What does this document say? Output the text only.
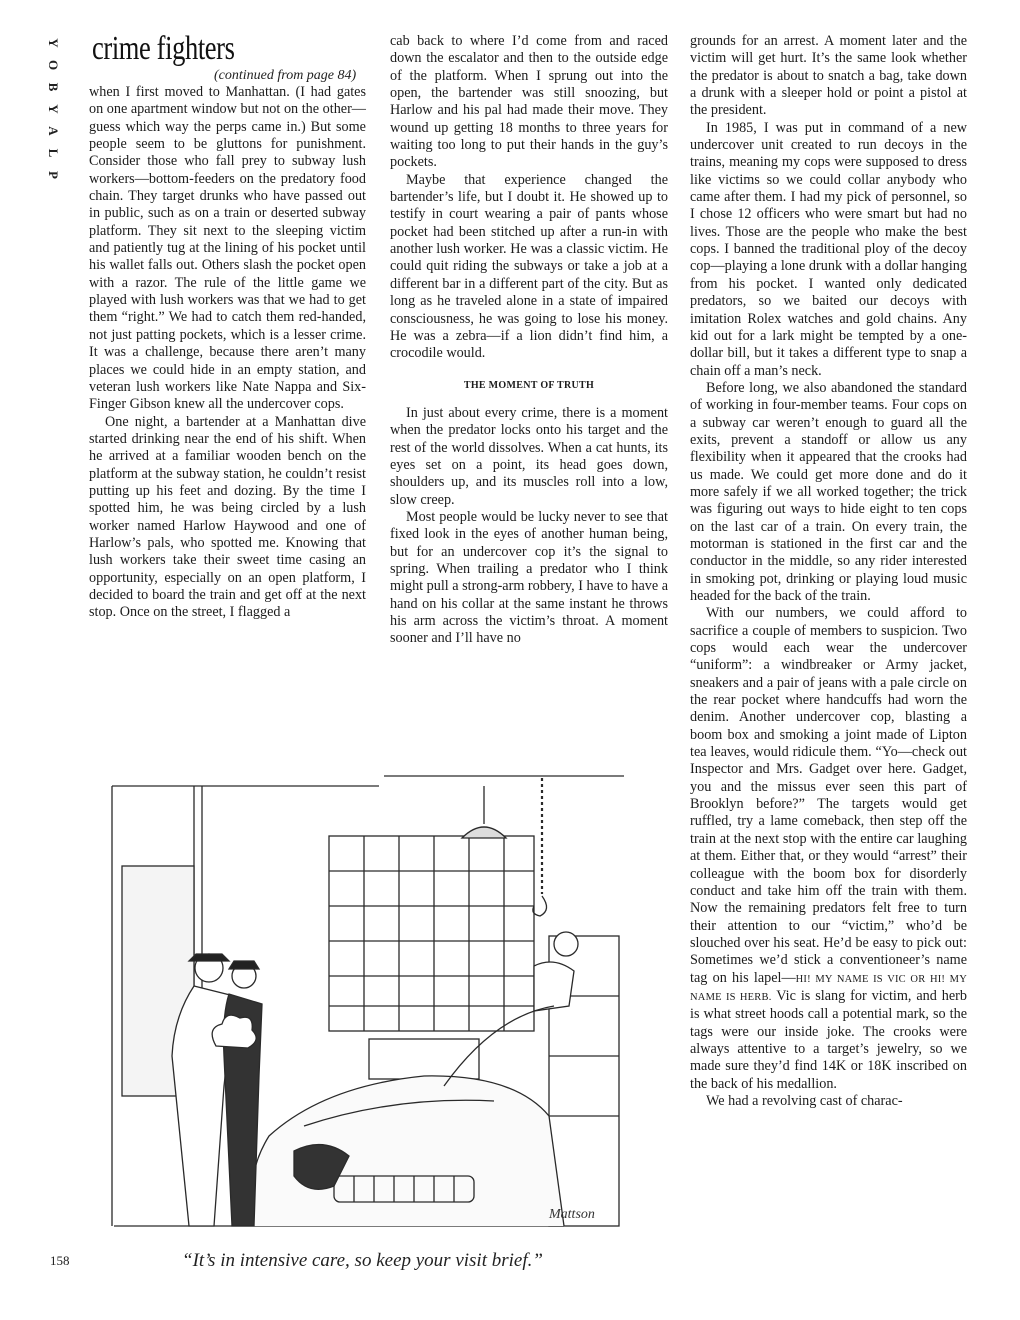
Y
O
B
Y
A
L
P
crime fighters
(continued from page 84)

when I first moved to Manhattan. (I had gates on one apartment window but not on the other—guess which way the perps came in.) But some people seem to be gluttons for punishment. Consider those who fall prey to subway lush workers—bottom-feeders on the predatory food chain. They target drunks who have passed out in public, such as on a train or deserted subway platform. They sit next to the sleeping victim and patiently tug at the lining of his pocket until his wallet falls out. Others slash the pocket open with a razor. The rule of the little game we played with lush workers was that we had to get them “right.” We had to catch them red-handed, not just patting pockets, which is a lesser crime. It was a challenge, because there aren’t many places we could hide in an empty station, and veteran lush workers like Nate Nappa and Six-Finger Gibson knew all the undercover cops.

One night, a bartender at a Manhattan dive started drinking near the end of his shift. When he arrived at a familiar wooden bench on the platform at the subway station, he couldn’t resist putting up his feet and dozing. By the time I spotted him, he was being circled by a lush worker named Harlow Haywood and one of Harlow’s pals, who spotted me. Knowing that lush workers take their sweet time casing an opportunity, especially on an open platform, I decided to board the train and get off at the next stop. Once on the street, I flagged a

cab back to where I’d come from and raced down the escalator and then to the outside edge of the platform. When I sprung out into the open, the bartender was still snoozing, but Harlow and his pal had made their move. They wound up getting 18 months to three years for waiting too long to put their hands in the guy’s pockets.

Maybe that experience changed the bartender’s life, but I doubt it. He showed up to testify in court wearing a pair of pants whose pocket had been stitched up after a run-in with another lush worker. He was a classic victim. He could quit riding the subways or take a job at a different bar in a different part of the city. But as long as he traveled alone in a state of impaired consciousness, he was going to lose his money. He was a zebra—if a lion didn’t find him, a crocodile would.

THE MOMENT OF TRUTH

In just about every crime, there is a moment when the predator locks onto his target and the rest of the world dissolves. When a cat hunts, its eyes set on a point, its head goes down, shoulders up, and its muscles roll into a low, slow creep.

Most people would be lucky never to see that fixed look in the eyes of another human being, but for an undercover cop it’s the signal to spring. When trailing a predator who I think might pull a strong-arm robbery, I have to have a hand on his collar at the same instant he throws his arm across the victim’s throat. A moment sooner and I’ll have no

grounds for an arrest. A moment later and the victim will get hurt. It’s the same look whether the predator is about to snatch a bag, take down a drunk with a sleeper hold or point a pistol at the president.

In 1985, I was put in command of a new undercover unit created to run decoys in the trains, meaning my cops were supposed to dress like victims so we could collar anybody who came after them. I had my pick of personnel, so I chose 12 officers who were smart but had no lives. Those are the people who make the best cops. I banned the traditional ploy of the decoy cop—playing a lone drunk with a dollar hanging from his pocket. I wanted only dedicated predators, so we baited our decoys with imitation Rolex watches and gold chains. Any kid out for a lark might be tempted by a one-dollar bill, but it takes a different type to snap a chain off a man’s neck.

Before long, we also abandoned the standard of working in four-member teams. Four cops on a subway car weren’t enough to guard all the exits, prevent a standoff or allow us any flexibility when it appeared that the crooks had us made. We could get more done and do it more safely if we all worked together; the trick was figuring out ways to hide eight to ten cops on the last car of a train. On every train, the motorman is stationed in the first car and the conductor in the middle, so any rider interested in smoking pot, drinking or playing loud music headed for the back of the train.

With our numbers, we could afford to sacrifice a couple of members to suspicion. Two cops would each wear the undercover “uniform”: a windbreaker or Army jacket, sneakers and a pair of jeans with a pale circle on the rear pocket where handcuffs had worn the denim. Another undercover cop, blasting a boom box and smoking a joint made of Lipton tea leaves, would ridicule them. “Yo—check out Inspector and Mrs. Gadget over here. Gadget, you and the missus ever seen this part of Brooklyn before?” The targets would get ruffled, try a lame comeback, then step off the train at the next stop with the entire car laughing at them. Either that, or they would “arrest” their colleague with the boom box for disorderly conduct and take him off the train with them. Now the remaining predators felt free to turn their attention to our “victim,” who’d be slouched over his seat. He’d be easy to pick out: Sometimes we’d stick a conventioneer’s name tag on his lapel—HI! MY NAME IS VIC OR HI! MY NAME IS HERB. Vic is slang for victim, and herb is what street hoods call a potential mark, so the tags were our inside joke. The crooks were always attentive to a target’s jewelry, so we made sure they’d find 14K or 18K inscribed on the back of his medallion.

We had a revolving cast of charac-

Mattson
“It’s in intensive care, so keep your visit brief.”
158
